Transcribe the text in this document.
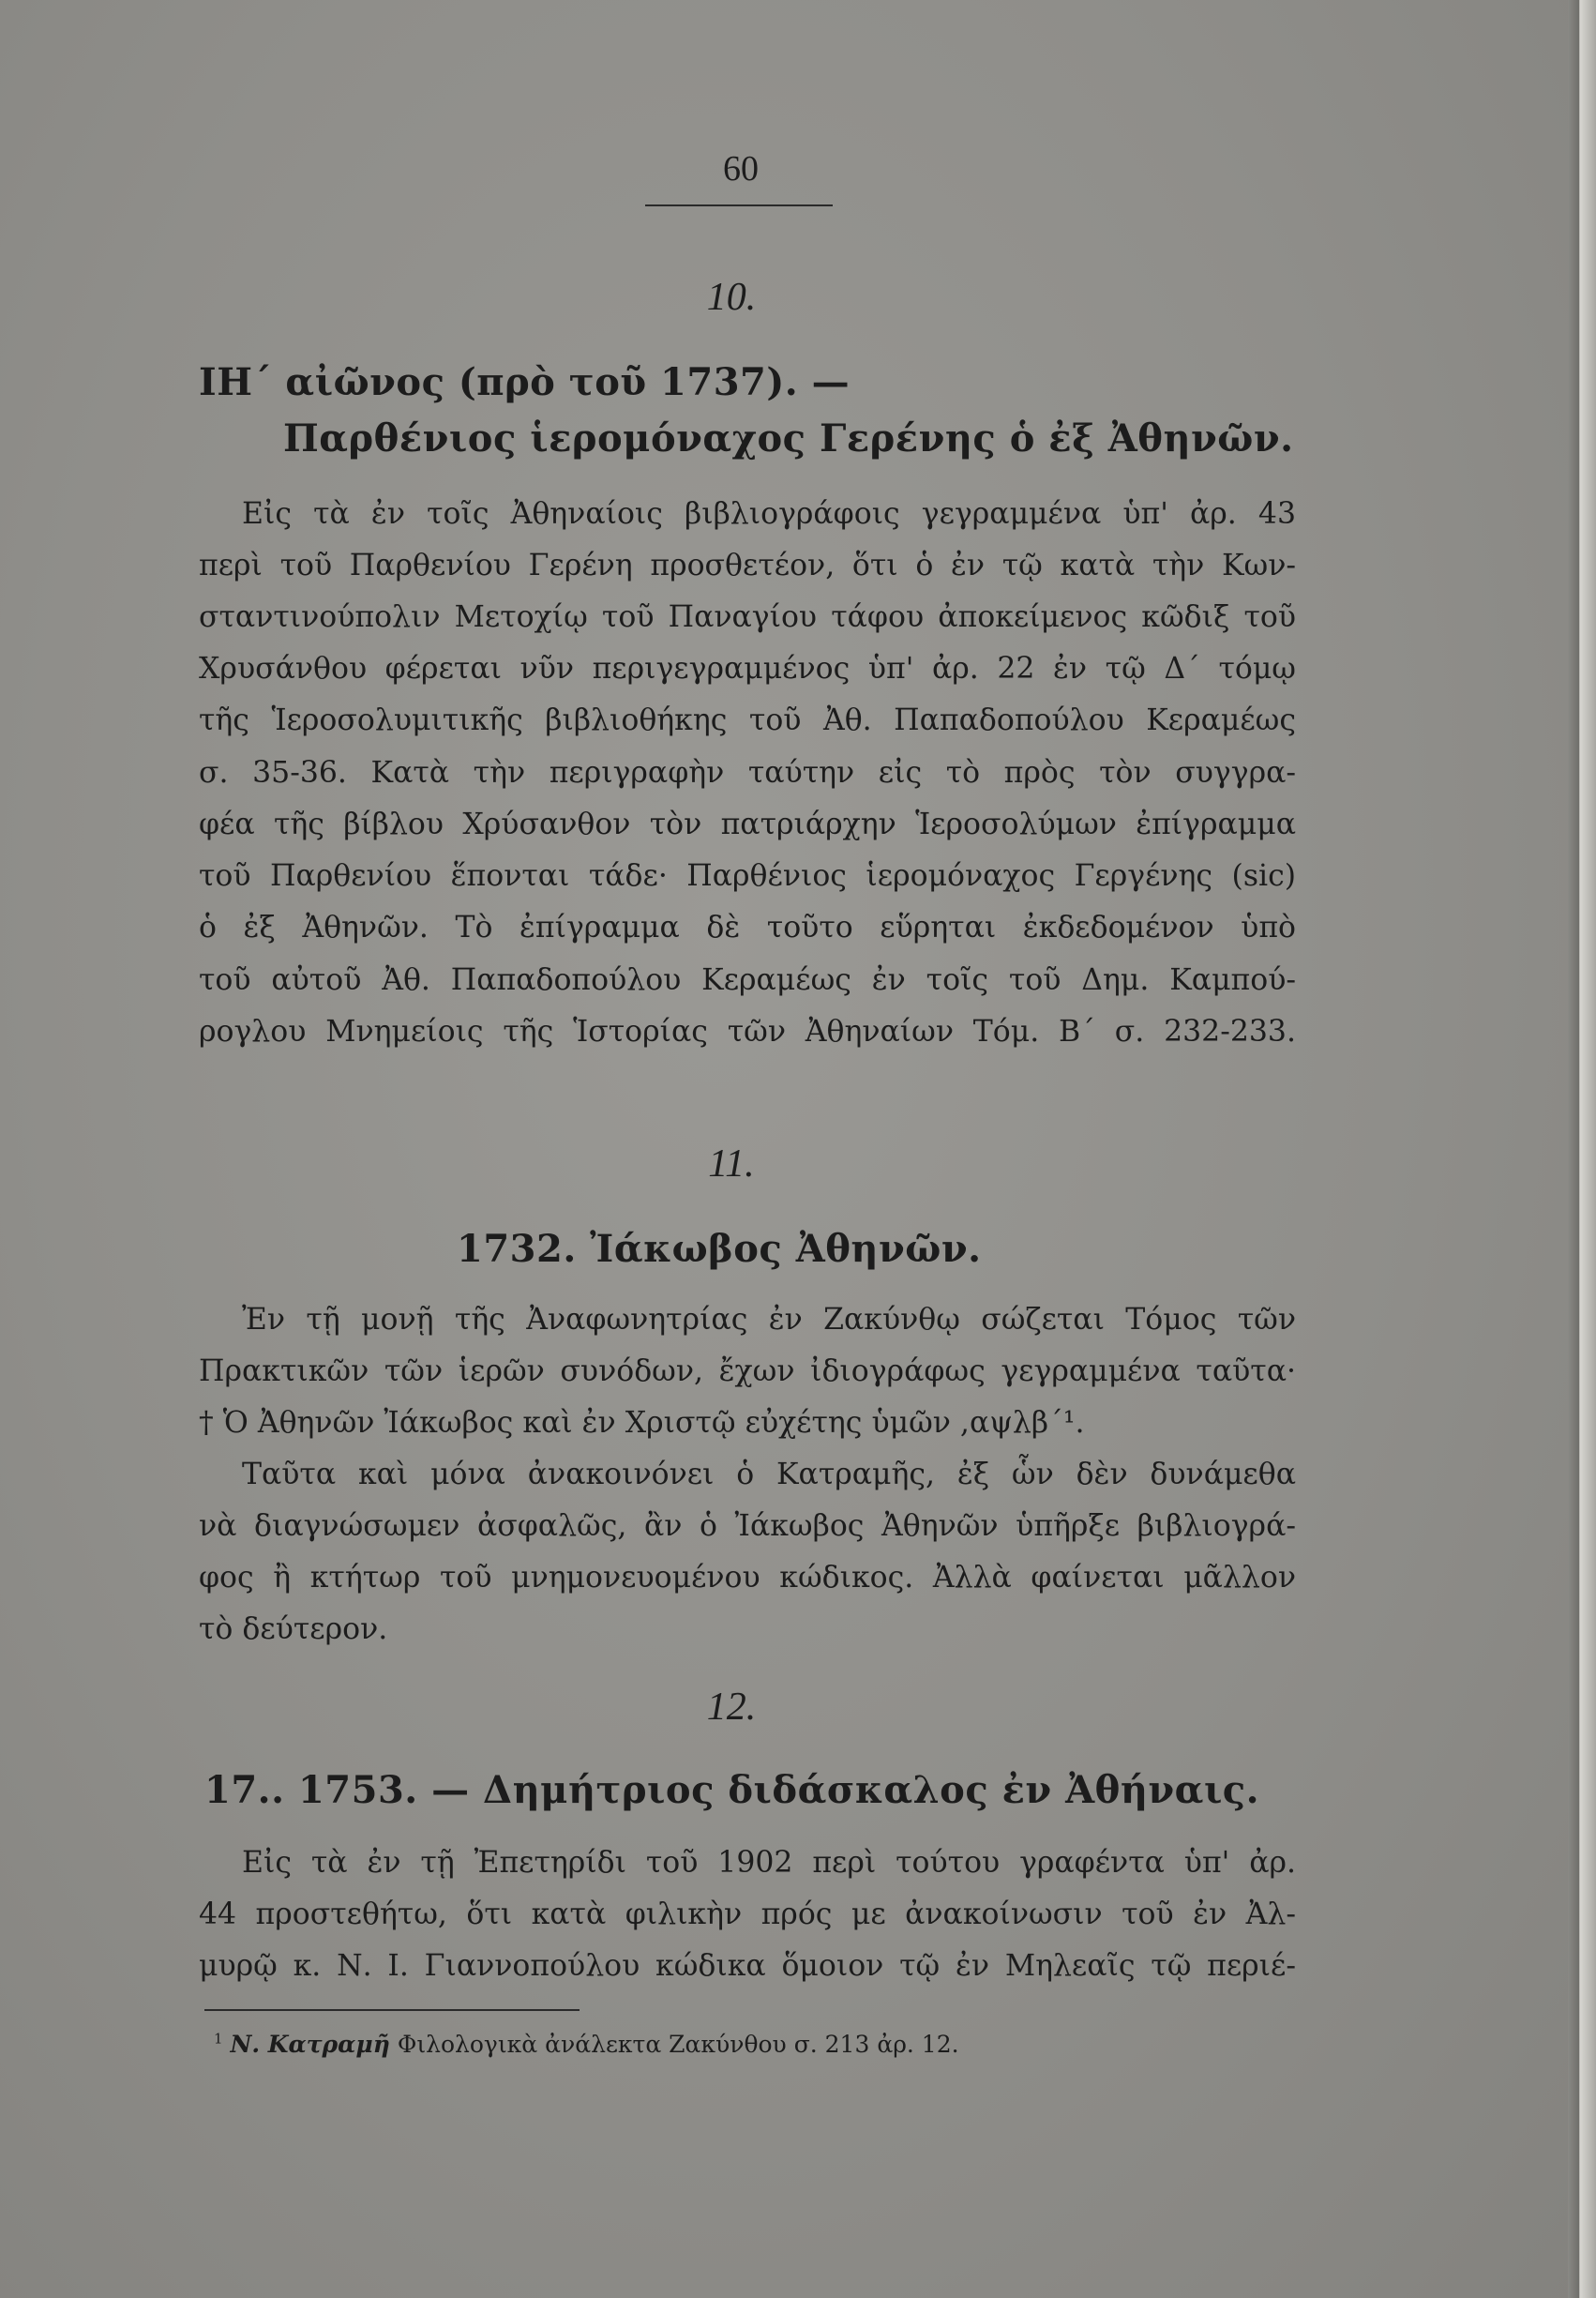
60
10.
ΙΗ΄ αἰῶνος (πρὸ τοῦ 1737). —
Παρθένιος ἱερομόναχος Γερένης ὁ ἐξ Ἀθηνῶν.
Εἰς τὰ ἐν τοῖς Ἀθηναίοις βιβλιογράφοις γεγραμμένα ὑπ' ἀρ. 43
περὶ τοῦ Παρθενίου Γερένη προσθετέον, ὅτι ὁ ἐν τῷ κατὰ τὴν Κων-
σταντινούπολιν Μετοχίῳ τοῦ Παναγίου τάφου ἀποκείμενος κῶδιξ τοῦ
Χρυσάνθου φέρεται νῦν περιγεγραμμένος ὑπ' ἀρ. 22 ἐν τῷ Δ΄ τόμῳ
τῆς Ἱεροσολυμιτικῆς βιβλιοθήκης τοῦ Ἀθ. Παπαδοπούλου Κεραμέως
σ. 35-36. Κατὰ τὴν περιγραφὴν ταύτην εἰς τὸ πρὸς τὸν συγγρα-
φέα τῆς βίβλου Χρύσανθον τὸν πατριάρχην Ἱεροσολύμων ἐπίγραμμα
τοῦ Παρθενίου ἕπονται τάδε· Παρθένιος ἱερομόναχος Γεργένης (sic)
ὁ ἐξ Ἀθηνῶν. Τὸ ἐπίγραμμα δὲ τοῦτο εὕρηται ἐκδεδομένον ὑπὸ
τοῦ αὐτοῦ Ἀθ. Παπαδοπούλου Κεραμέως ἐν τοῖς τοῦ Δημ. Καμπού-
ρογλου Μνημείοις τῆς Ἱστορίας τῶν Ἀθηναίων Τόμ. Β΄ σ. 232-233.
11.
1732. Ἰάκωβος Ἀθηνῶν.
Ἐν τῇ μονῇ τῆς Ἀναφωνητρίας ἐν Ζακύνθῳ σώζεται Τόμος τῶν
Πρακτικῶν τῶν ἱερῶν συνόδων, ἔχων ἰδιογράφως γεγραμμένα ταῦτα·
† Ὁ Ἀθηνῶν Ἰάκωβος καὶ ἐν Χριστῷ εὐχέτης ὑμῶν ,αψλβ΄¹.
Ταῦτα καὶ μόνα ἀνακοινόνει ὁ Κατραμῆς, ἐξ ὧν δὲν δυνάμεθα
νὰ διαγνώσωμεν ἀσφαλῶς, ἂν ὁ Ἰάκωβος Ἀθηνῶν ὑπῆρξε βιβλιογρά-
φος ἢ κτήτωρ τοῦ μνημονευομένου κώδικος. Ἀλλὰ φαίνεται μᾶλλον
τὸ δεύτερον.
12.
17.. 1753. — Δημήτριος διδάσκαλος ἐν Ἀθήναις.
Εἰς τὰ ἐν τῇ Ἐπετηρίδι τοῦ 1902 περὶ τούτου γραφέντα ὑπ' ἀρ.
44 προστεθήτω, ὅτι κατὰ φιλικὴν πρός με ἀνακοίνωσιν τοῦ ἐν Ἀλ-
μυρῷ κ. Ν. Ι. Γιαννοπούλου κώδικα ὅμοιον τῷ ἐν Μηλεαῖς τῷ περιέ-
$^1$ Ν. Κατραμῆ Φιλολογικὰ ἀνάλεκτα Ζακύνθου σ. 213 ἀρ. 12.
